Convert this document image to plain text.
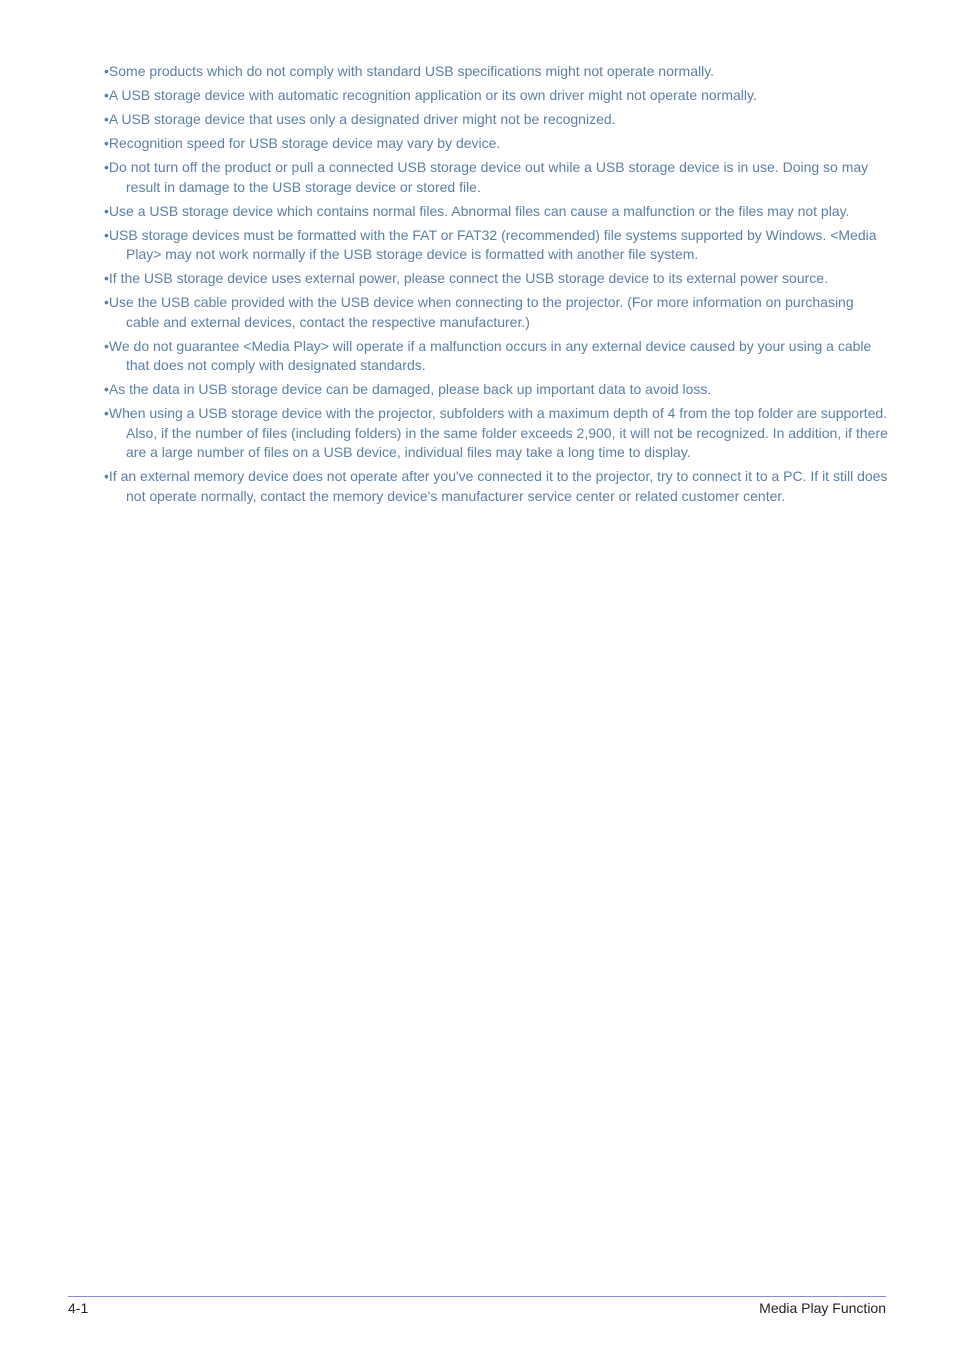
•Some products which do not comply with standard USB specifications might not operate normally.

•A USB storage device with automatic recognition application or its own driver might not operate normally.

•A USB storage device that uses only a designated driver might not be recognized.

•Recognition speed for USB storage device may vary by device.

•Do not turn off the product or pull a connected USB storage device out while a USB storage device is in use. Doing so may result in damage to the USB storage device or stored file.

•Use a USB storage device which contains normal files. Abnormal files can cause a malfunction or the files may not play.

•USB storage devices must be formatted with the FAT or FAT32 (recommended) file systems supported by Windows. <Media Play> may not work normally if the USB storage device is formatted with another file system.

•If the USB storage device uses external power, please connect the USB storage device to its external power source.

•Use the USB cable provided with the USB device when connecting to the projector. (For more information on purchasing cable and external devices, contact the respective manufacturer.)

•We do not guarantee <Media Play> will operate if a malfunction occurs in any external device caused by your using a cable that does not comply with designated standards.

•As the data in USB storage device can be damaged, please back up important data to avoid loss.

•When using a USB storage device with the projector, subfolders with a maximum depth of 4 from the top folder are supported. Also, if the number of files (including folders) in the same folder exceeds 2,900, it will not be recognized. In addition, if there are a large number of files on a USB device, individual files may take a long time to display.

•If an external memory device does not operate after you've connected it to the projector, try to connect it to a PC. If it still does not operate normally, contact the memory device's manufacturer service center or related customer center.

4-1	Media Play Function
